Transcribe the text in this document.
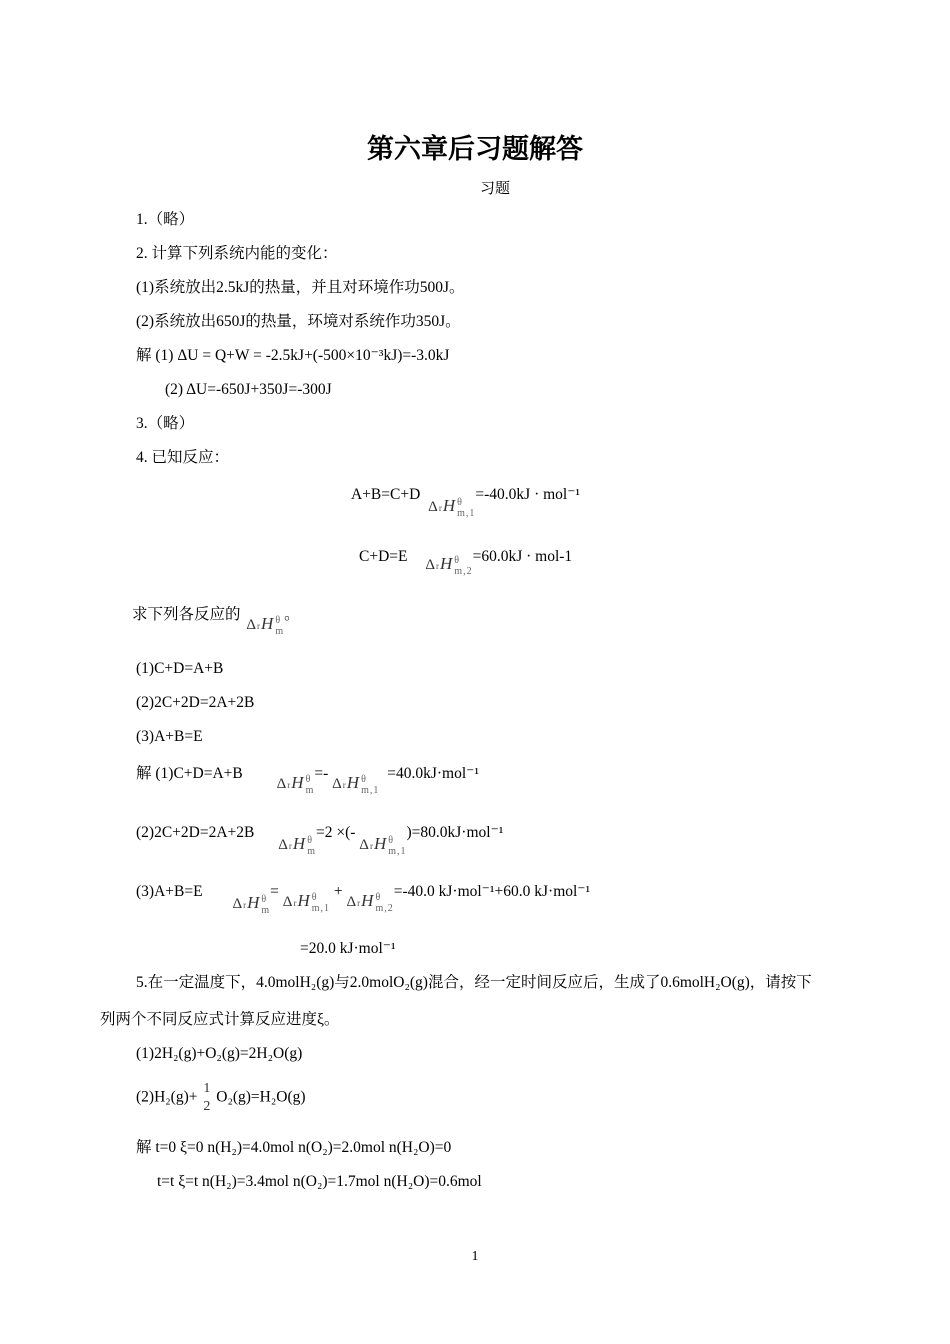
第六章后习题解答
习题
1.（略）
2. 计算下列系统内能的变化：
(1)系统放出2.5kJ的热量，并且对环境作功500J。
(2)系统放出650J的热量，环境对系统作功350J。
解 (1) ΔU = Q+W = -2.5kJ+(-500×10⁻³kJ)=-3.0kJ
(2) ΔU=-650J+350J=-300J
3.（略）
4. 已知反应：
A+B=C+D ΔrH θ
m,1
=-40.0kJ · mol⁻¹
C+D=E ΔrH θ
m,2
=60.0kJ · mol-1
求下列各反应的 ΔrH θ
m
。
(1)C+D=A+B
(2)2C+2D=2A+2B
(3)A+B=E
解 (1)C+D=A+B ΔrH θ
m
=- ΔrH θ
m,1
=40.0kJ·mol⁻¹
(2)2C+2D=2A+2B ΔrH θ
m
=2 ×(- ΔrH θ
m,1
)=80.0kJ·mol⁻¹
(3)A+B=E ΔrH θ
m
= ΔrH θ
m,1
+ ΔrH θ
m,2
=-40.0 kJ·mol⁻¹+60.0 kJ·mol⁻¹
=20.0 kJ·mol⁻¹
5.在一定温度下，4.0molH₂(g)与2.0molO₂(g)混合，经一定时间反应后，生成了0.6molH₂O(g)，请按下
列两个不同反应式计算反应进度ξ。
(1)2H₂(g)+O₂(g)=2H₂O(g)
(2)H₂(g)+
1
2
O₂(g)=H₂O(g)
解 t=0 ξ=0 n(H₂)=4.0mol n(O₂)=2.0mol n(H₂O)=0
t=t ξ=t n(H₂)=3.4mol n(O₂)=1.7mol n(H₂O)=0.6mol
1
